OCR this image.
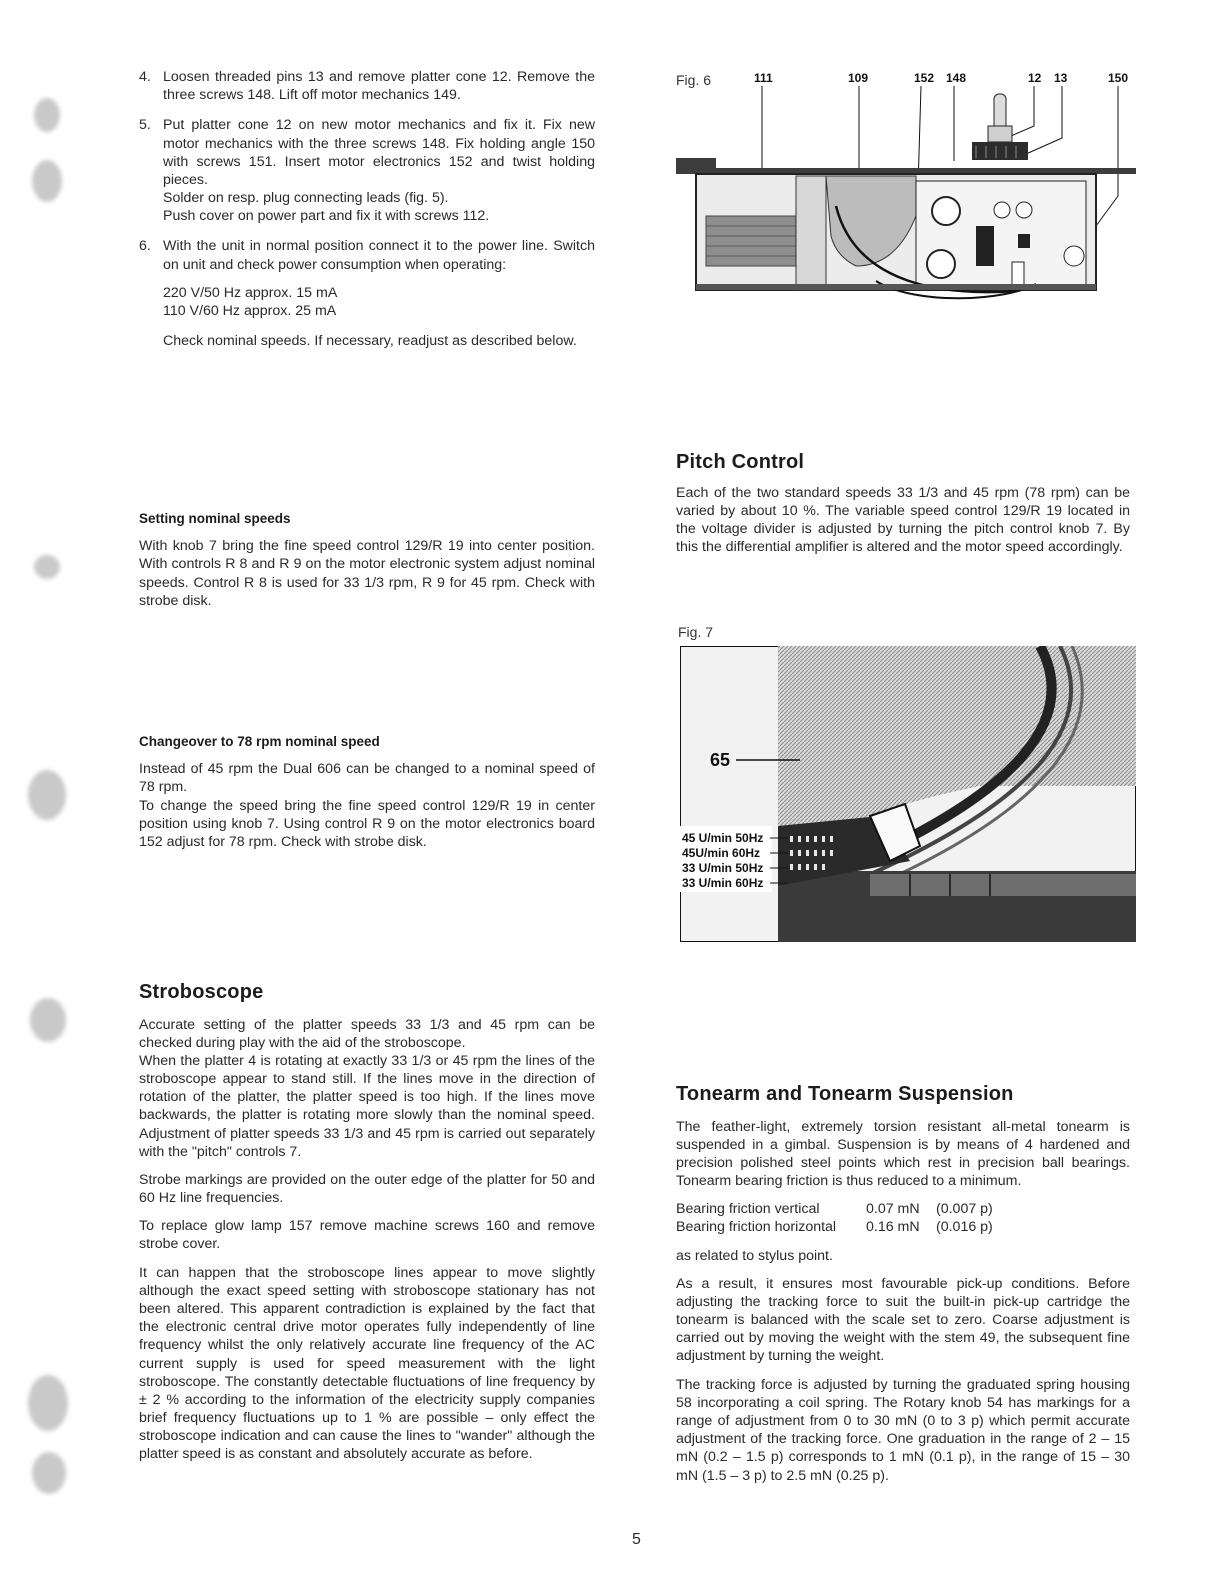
4. Loosen threaded pins 13 and remove platter cone 12. Remove the three screws 148. Lift off motor mechanics 149.

5. Put platter cone 12 on new motor mechanics and fix it. Fix new motor mechanics with the three screws 148. Fix holding angle 150 with screws 151. Insert motor electronics 152 and twist holding pieces.

Solder on resp. plug connecting leads (fig. 5).

Push cover on power part and fix it with screws 112.

6. With the unit in normal position connect it to the power line. Switch on unit and check power consumption when operating:

220 V/50 Hz approx. 15 mA

110 V/60 Hz approx. 25 mA

Check nominal speeds. If necessary, readjust as described below.

Fig. 6	111	109	152 148	12 13	150
Pitch Control

Each of the two standard speeds 33 1/3 and 45 rpm (78 rpm) can be varied by about 10 %. The variable speed control 129/R 19 located in the voltage divider is adjusted by turning the pitch control knob 7. By this the differential amplifier is altered and the motor speed accordingly.

Setting nominal speeds

With knob 7 bring the fine speed control 129/R 19 into center position. With controls R 8 and R 9 on the motor electronic system adjust nominal speeds. Control R 8 is used for 33 1/3 rpm, R 9 for 45 rpm. Check with strobe disk.

Fig. 7
65
45 U/min 50Hz
45U/min 60Hz
33 U/min 50Hz
33 U/min 60Hz
Changeover to 78 rpm nominal speed

Instead of 45 rpm the Dual 606 can be changed to a nominal speed of 78 rpm.

To change the speed bring the fine speed control 129/R 19 in center position using knob 7. Using control R 9 on the motor electronics board 152 adjust for 78 rpm. Check with strobe disk.

Stroboscope

Accurate setting of the platter speeds 33 1/3 and 45 rpm can be checked during play with the aid of the stroboscope.

When the platter 4 is rotating at exactly 33 1/3 or 45 rpm the lines of the stroboscope appear to stand still. If the lines move in the direction of rotation of the platter, the platter speed is too high. If the lines move backwards, the platter is rotating more slowly than the nominal speed. Adjustment of platter speeds 33 1/3 and 45 rpm is carried out separately with the "pitch" controls 7.

Strobe markings are provided on the outer edge of the platter for 50 and 60 Hz line frequencies.

To replace glow lamp 157 remove machine screws 160 and remove strobe cover.

It can happen that the stroboscope lines appear to move slightly although the exact speed setting with stroboscope stationary has not been altered. This apparent contradiction is explained by the fact that the electronic central drive motor operates fully independently of line frequency whilst the only relatively accurate line frequency of the AC current supply is used for speed measurement with the light stroboscope. The constantly detectable fluctuations of line frequency by ± 2 % according to the information of the electricity supply companies brief frequency fluctuations up to 1 % are possible – only effect the stroboscope indication and can cause the lines to "wander" although the platter speed is as constant and absolutely accurate as before.

Tonearm and Tonearm Suspension

The feather-light, extremely torsion resistant all-metal tonearm is suspended in a gimbal. Suspension is by means of 4 hardened and precision polished steel points which rest in precision ball bearings. Tonearm bearing friction is thus reduced to a minimum.

Bearing friction vertical	0.07 mN	(0.007 p)
Bearing friction horizontal	0.16 mN	(0.016 p)

as related to stylus point.

As a result, it ensures most favourable pick-up conditions. Before adjusting the tracking force to suit the built-in pick-up cartridge the tonearm is balanced with the scale set to zero. Coarse adjustment is carried out by moving the weight with the stem 49, the subsequent fine adjustment by turning the weight.

The tracking force is adjusted by turning the graduated spring housing 58 incorporating a coil spring. The Rotary knob 54 has markings for a range of adjustment from 0 to 30 mN (0 to 3 p) which permit accurate adjustment of the tracking force. One graduation in the range of 2 – 15 mN (0.2 – 1.5 p) corresponds to 1 mN (0.1 p), in the range of 15 – 30 mN (1.5 – 3 p) to 2.5 mN (0.25 p).

5
